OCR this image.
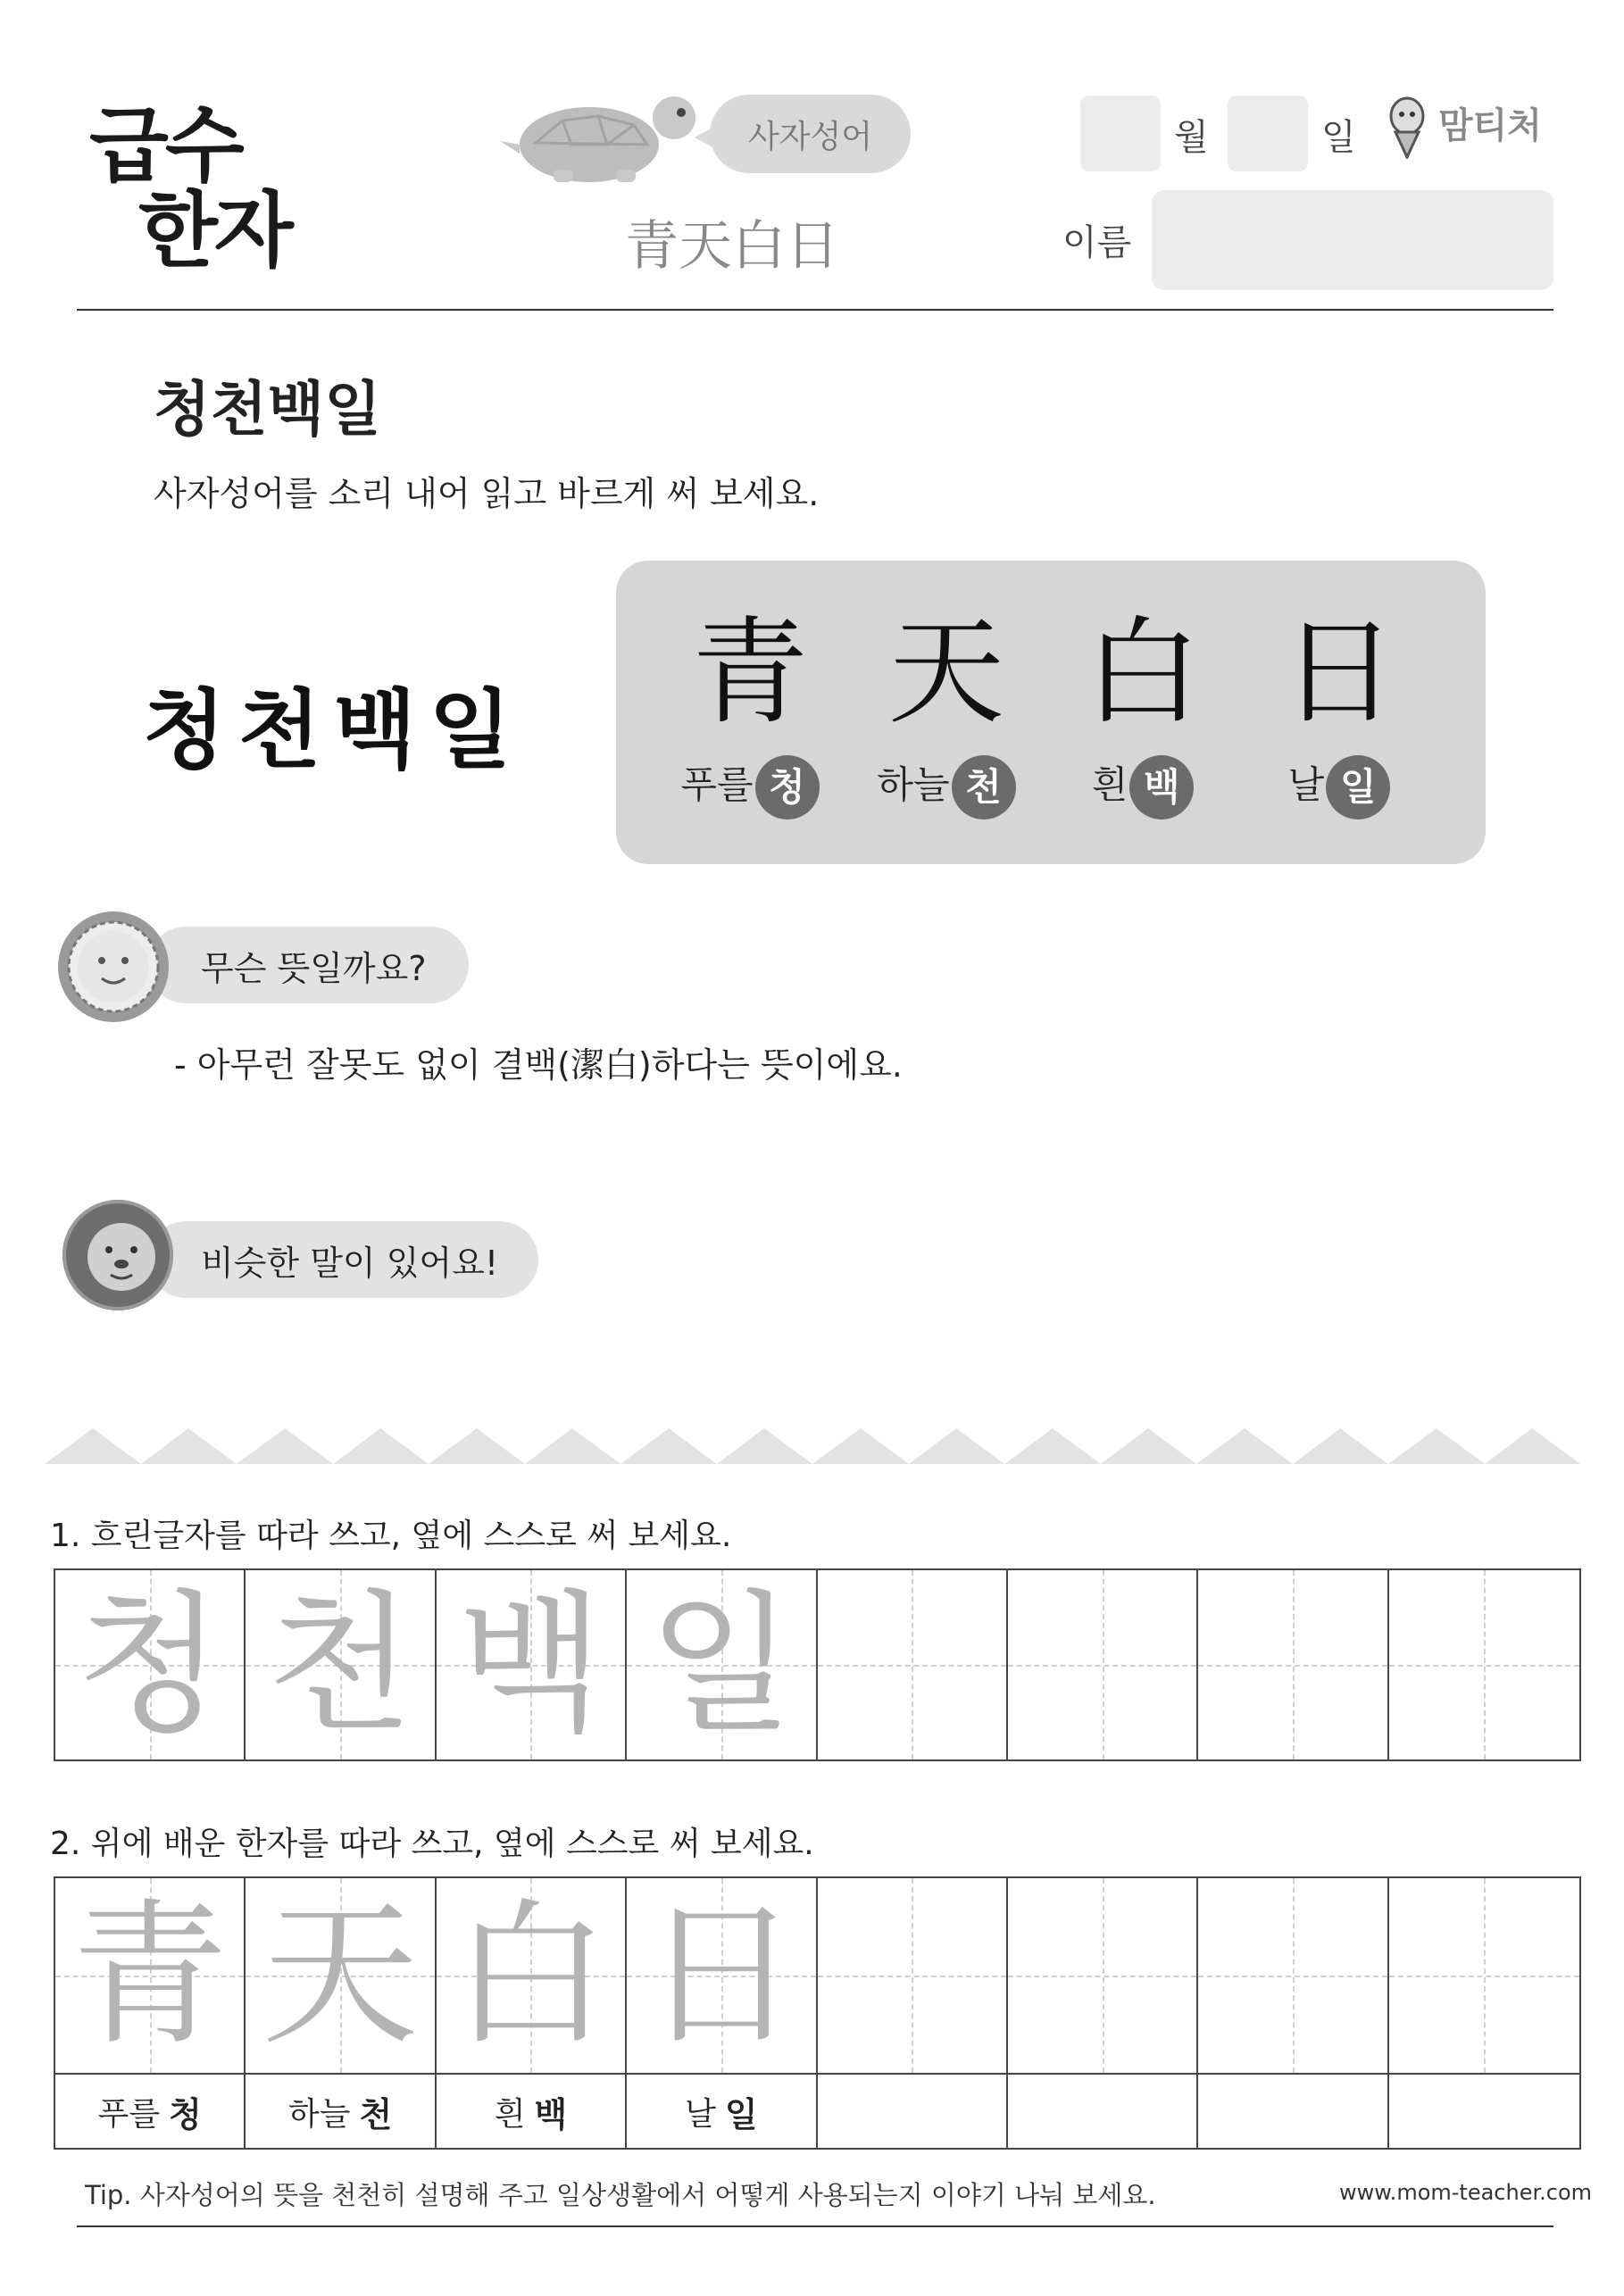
급수
한자
사자성어
青天白日
월	일	맘티처
이름
청천백일
사자성어를 소리 내어 읽고 바르게 써 보세요.
청천백일	青 天 白 日
푸를 청	하늘 천	흰 백	날 일
무슨 뜻일까요?
- 아무런 잘못도 없이 결백(潔白)하다는 뜻이에요.
비슷한 말이 있어요!
1. 흐린글자를 따라 쓰고, 옆에 스스로 써 보세요.
청 천 백 일
2. 위에 배운 한자를 따라 쓰고, 옆에 스스로 써 보세요.
青 天 白 日
푸를 청	하늘 천	흰 백	날 일
Tip. 사자성어의 뜻을 천천히 설명해 주고 일상생활에서 어떻게 사용되는지 이야기 나눠 보세요.	www.mom-teacher.com
